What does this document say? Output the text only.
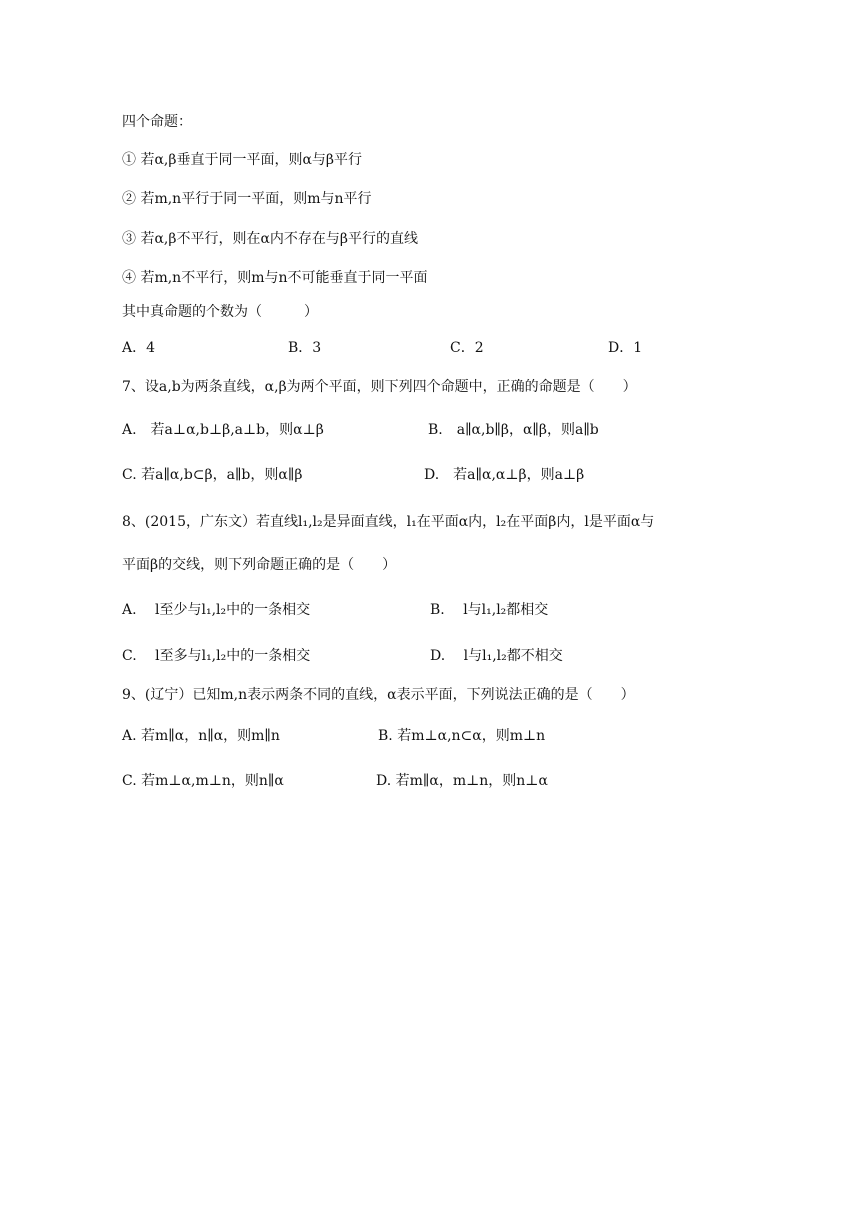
四个命题：
① 若α,β垂直于同一平面，则α与β平行
② 若m,n平行于同一平面，则m与n平行
③ 若α,β不平行，则在α内不存在与β平行的直线
④ 若m,n不平行，则m与n不可能垂直于同一平面
其中真命题的个数为（　　　）
A．4	B．3	C．2	D．1
7、设a,b为两条直线，α,β为两个平面，则下列四个命题中，正确的命题是（　　）
A.　若a⊥α,b⊥β,a⊥b，则α⊥β	B.　a∥α,b∥β，α∥β，则a∥b
C. 若a∥α,b⊂β，a∥b，则α∥β	D.　若a∥α,α⊥β，则a⊥β
8、(2015，广东文）若直线l₁,l₂是异面直线，l₁在平面α内，l₂在平面β内，l是平面α与
平面β的交线，则下列命题正确的是（　　）
A.　 l至少与l₁,l₂中的一条相交	B.　 l与l₁,l₂都相交
C.　 l至多与l₁,l₂中的一条相交	D.　 l与l₁,l₂都不相交
9、(辽宁）已知m,n表示两条不同的直线，α表示平面，下列说法正确的是（　　）
A. 若m∥α，n∥α，则m∥n	B. 若m⊥α,n⊂α，则m⊥n
C. 若m⊥α,m⊥n，则n∥α	D. 若m∥α，m⊥n，则n⊥α
